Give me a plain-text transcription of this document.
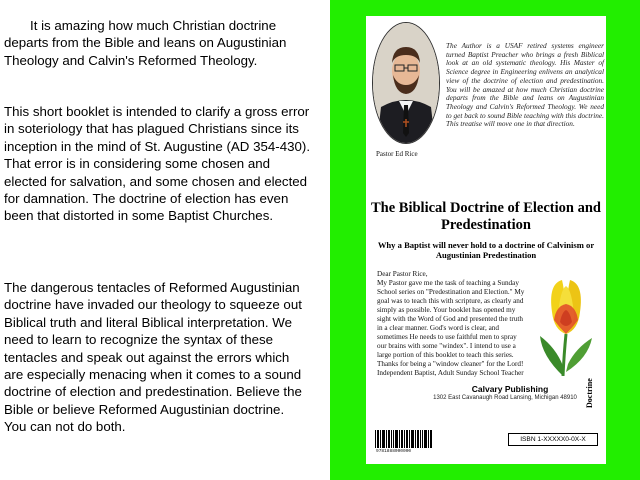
It is amazing how much Christian doctrine departs from the Bible and leans on Augustinian Theology and Calvin's Reformed Theology.

This short booklet is intended to clarify a gross error in soteriology that has plagued Christians since its inception in the mind of St. Augustine (AD 354-430). That error is in considering some chosen and elected for salvation, and some chosen and elected for damnation. The doctrine of election has even been that distorted in some Baptist Churches.

The dangerous tentacles of Reformed Augustinian doctrine have invaded our theology to squeeze out Biblical truth and literal Biblical interpretation. We need to learn to recognize the syntax of these tentacles and speak out against the errors which are especially menacing when it comes to a sound doctrine of election and predestination. Believe the Bible or believe Reformed Augustinian doctrine. You can not do both.

Pastor Ed Rice
The Author is a USAF retired systems engineer turned Baptist Preacher who brings a fresh Biblical look at an old systematic theology. His Master of Science degree in Engineering enlivens an analytical view of the doctrine of election and predestination. You will be amazed at how much Christian doctrine departs from the Bible and leans on Augustinian Theology and Calvin's Reformed Theology. We need to get back to sound Bible teaching with this doctrine. This treatise will move one in that direction.
The Biblical Doctrine of Election and Predestination
Why a Baptist will never hold to a doctrine of Calvinism or Augustinian Predestination
Dear Pastor Rice,
My Pastor gave me the task of teaching a Sunday School series on "Predestination and Election." My goal was to teach this with scripture, as clearly and simply as possible. Your booklet has opened my sight with the Word of God and presented the truth in a clear manner. God's word is clear, and sometimes He needs to use faithful men to spray our brains with some "windex". I intend to use a large portion of this booklet to teach this series. Thanks for being a "window cleaner" for the Lord! Independent Baptist, Adult Sunday School Teacher
Calvary Publishing
1302 East Cavanaugh Road Lansing, Michigan 48910	Doctrine
9781888000000
ISBN 1-XXXXX0-0X-X
